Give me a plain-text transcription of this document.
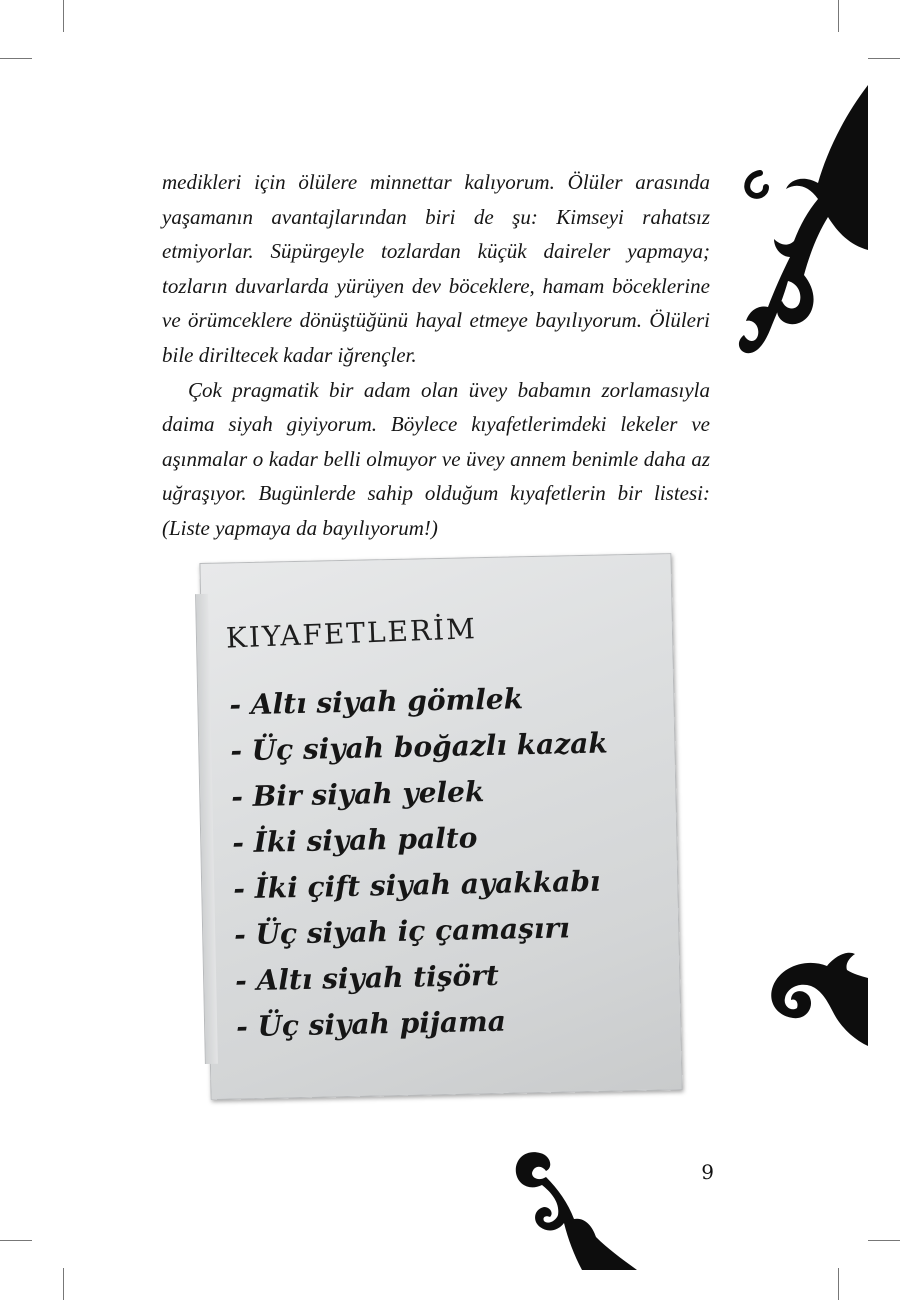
medikleri için ölülere minnettar kalıyorum. Ölüler arasında yaşamanın avantajlarından biri de şu: Kimseyi rahatsız etmiyorlar. Süpürgeyle tozlardan küçük daireler yapmaya; tozların duvarlarda yürüyen dev böceklere, hamam böceklerine ve örümceklere dönüştüğünü hayal etmeye bayılıyorum. Ölüleri bile diriltecek kadar iğrençler.

Çok pragmatik bir adam olan üvey babamın zorlamasıyla daima siyah giyiyorum. Böylece kıyafetlerimdeki lekeler ve aşınmalar o kadar belli olmuyor ve üvey annem benimle daha az uğraşıyor. Bugünlerde sahip olduğum kıyafetlerin bir listesi: (Liste yapmaya da bayılıyorum!)

KIYAFETLERİM
- Altı siyah gömlek
- Üç siyah boğazlı kazak
- Bir siyah yelek
- İki siyah palto
- İki çift siyah ayakkabı
- Üç siyah iç çamaşırı
- Altı siyah tişört
- Üç siyah pijama
9
